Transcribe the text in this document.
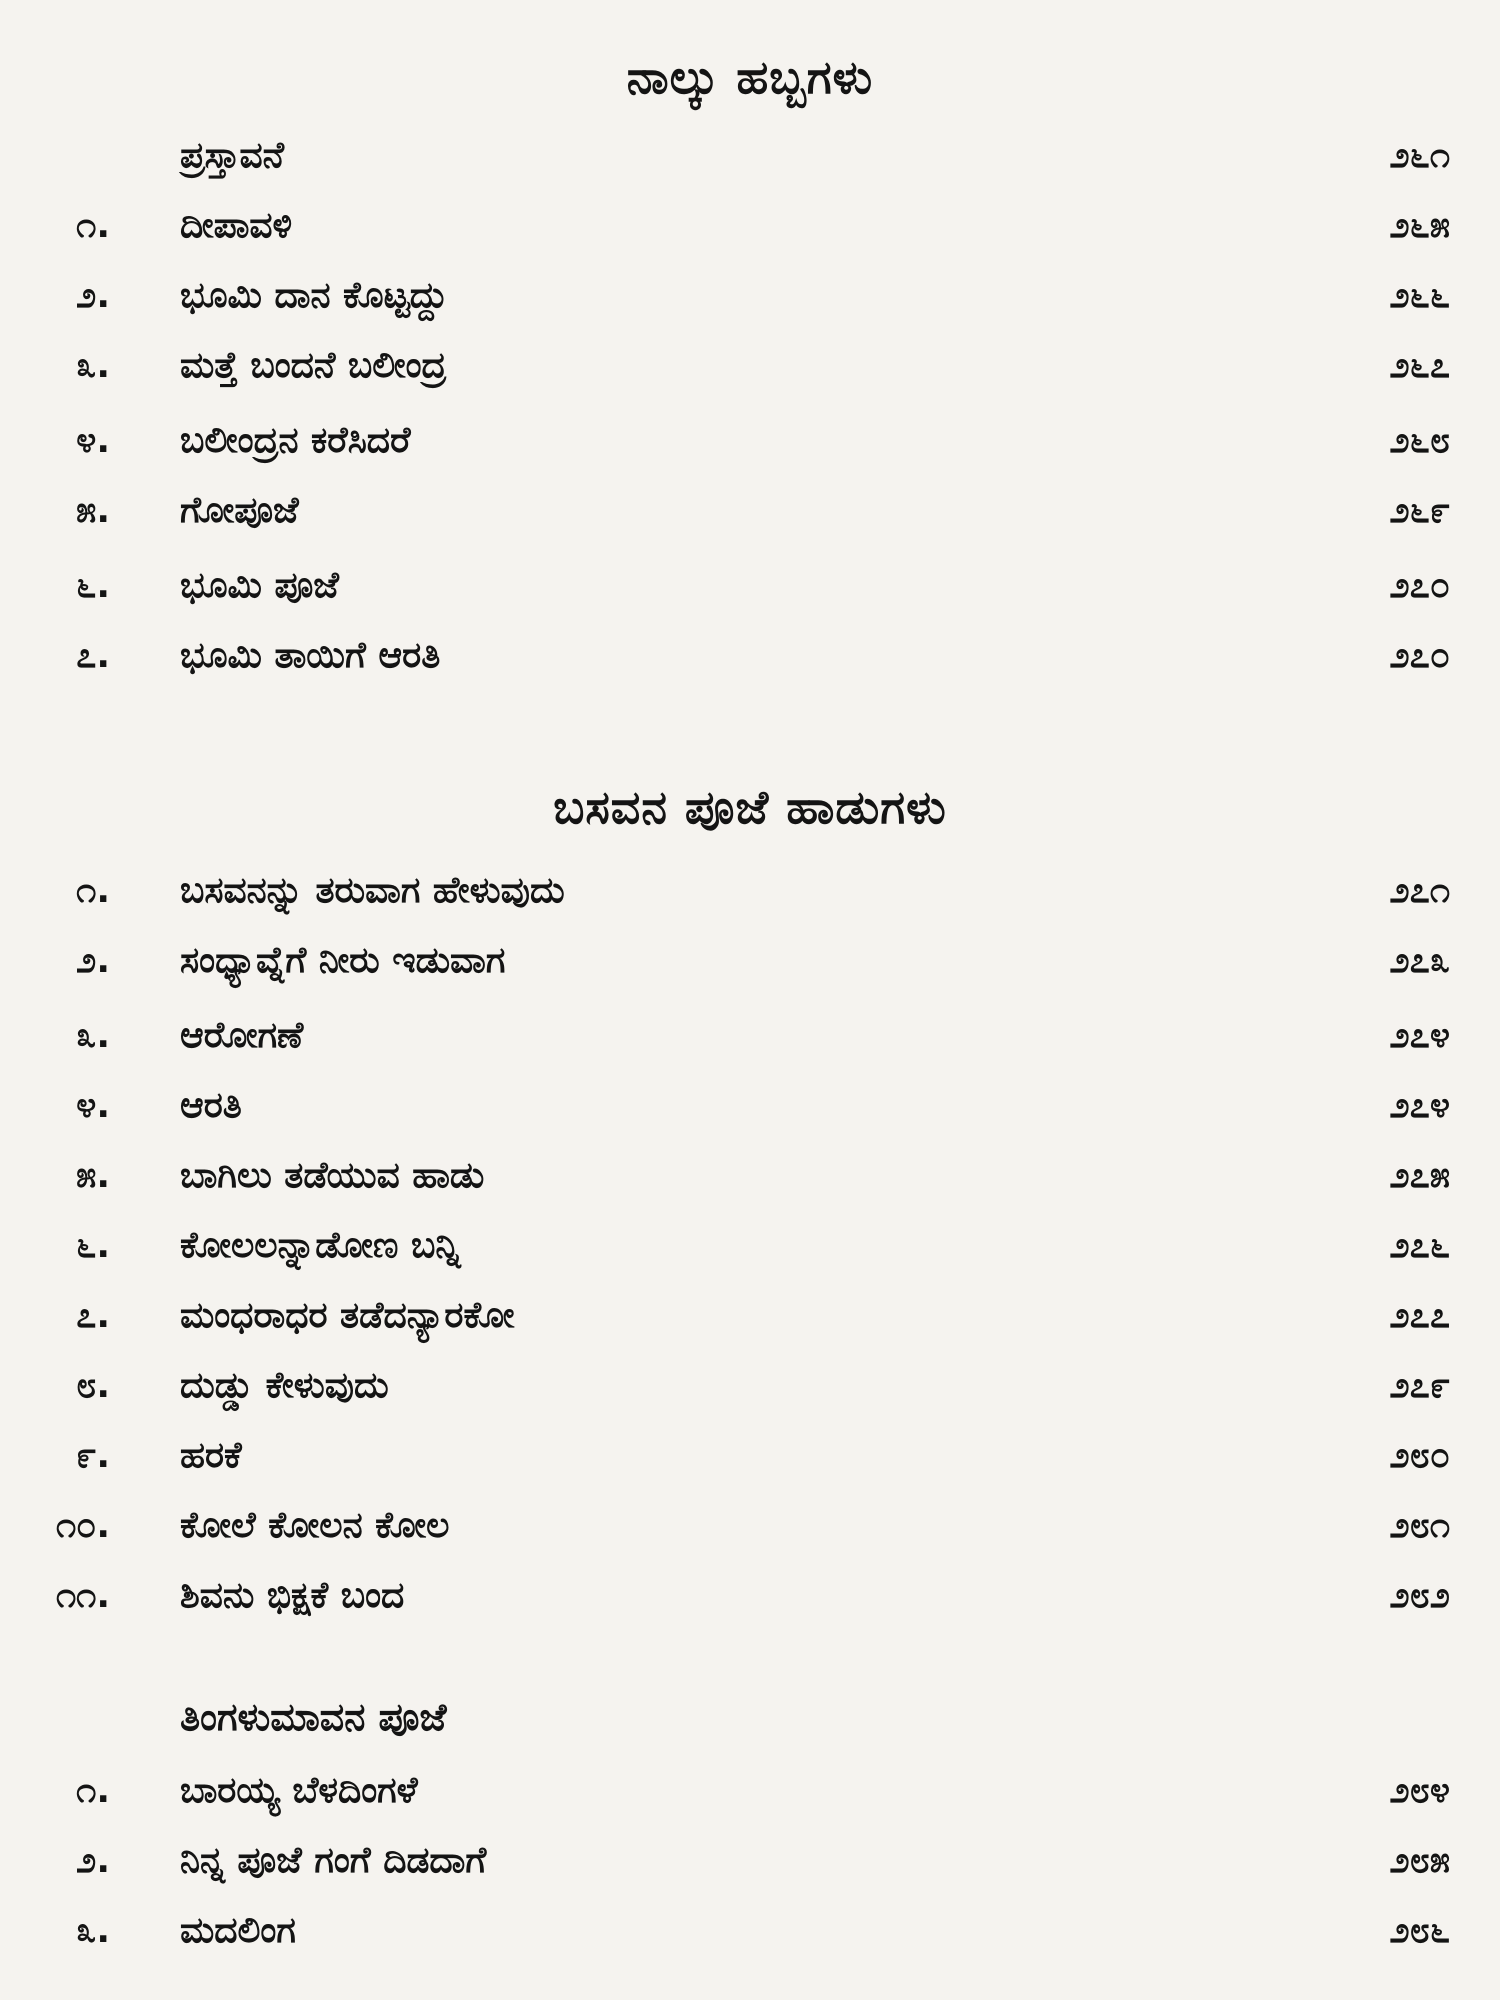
ನಾಲ್ಕು ಹಬ್ಬಗಳು
ಪ್ರಸ್ತಾವನೆ	೨೬೧
೧. ದೀಪಾವಳಿ	೨೬೫
೨. ಭೂಮಿ ದಾನ ಕೊಟ್ಟದ್ದು	೨೬೬
೩. ಮತ್ತೆ ಬಂದನೆ ಬಲೀಂದ್ರ	೨೬೭
೪. ಬಲೀಂದ್ರನ ಕರೆಸಿದರೆ	೨೬೮
೫. ಗೋಪೂಜೆ	೨೬೯
೬. ಭೂಮಿ ಪೂಜೆ	೨೭೦
೭. ಭೂಮಿ ತಾಯಿಗೆ ಆರತಿ	೨೭೦
ಬಸವನ ಪೂಜೆ ಹಾಡುಗಳು
೧. ಬಸವನನ್ನು ತರುವಾಗ ಹೇಳುವುದು	೨೭೧
೨. ಸಂಧ್ಯಾವ್ನೆಗೆ ನೀರು ಇಡುವಾಗ	೨೭೩
೩. ಆರೋಗಣೆ	೨೭೪
೪. ಆರತಿ	೨೭೪
೫. ಬಾಗಿಲು ತಡೆಯುವ ಹಾಡು	೨೭೫
೬. ಕೋಲಲನ್ನಾಡೋಣ ಬನ್ನಿ	೨೭೬
೭. ಮಂಧರಾಧರ ತಡೆದನ್ಯಾರಕೋ	೨೭೭
೮. ದುಡ್ಡು ಕೇಳುವುದು	೨೭೯
೯. ಹರಕೆ	೨೮೦
೧೦. ಕೋಲೆ ಕೋಲನ ಕೋಲ	೨೮೧
೧೧. ಶಿವನು ಭಿಕ್ಷಕೆ ಬಂದ	೨೮೨
ತಿಂಗಳುಮಾವನ ಪೂಜೆ
೧. ಬಾರಯ್ಯ ಬೆಳದಿಂಗಳೆ	೨೮೪
೨. ನಿನ್ನ ಪೂಜೆ ಗಂಗೆ ದಿಡದಾಗೆ	೨೮೫
೩. ಮದಲಿಂಗ	೨೮೬
